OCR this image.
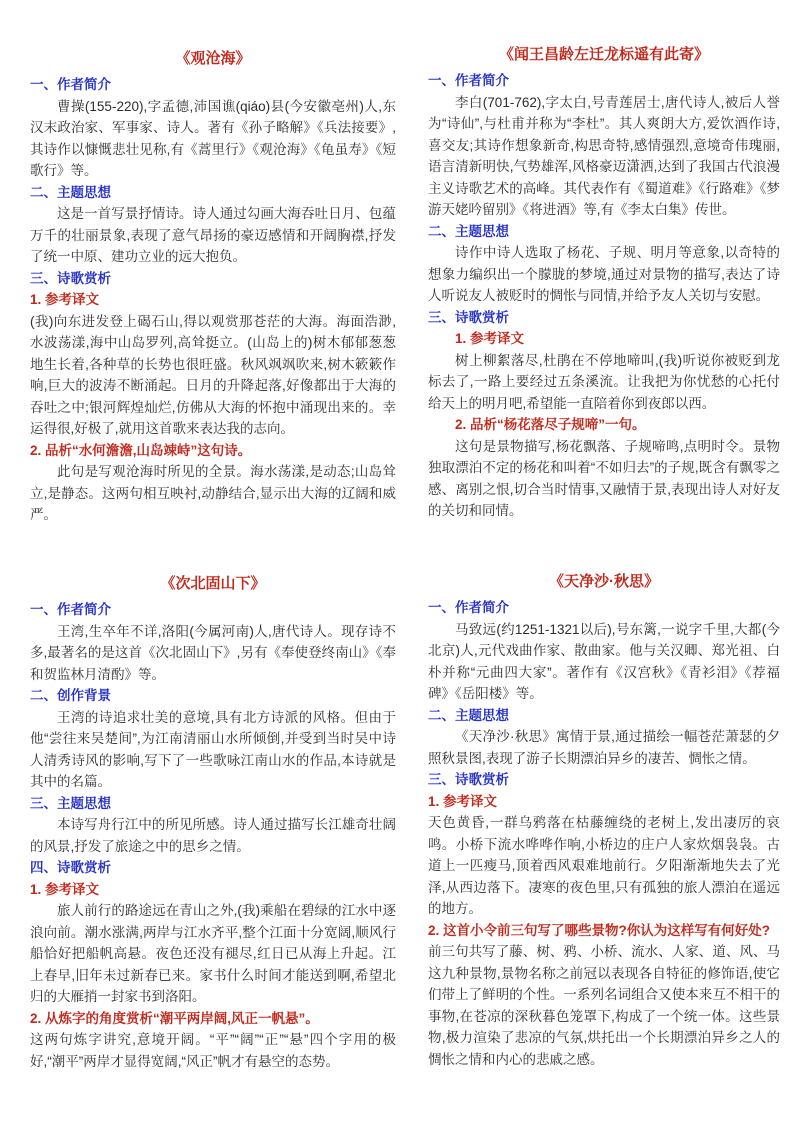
《观沧海》
一、作者简介

曹操(155-220),字孟德,沛国谯(qiáo)县(今安徽亳州)人,东汉末政治家、军事家、诗人。著有《孙子略解》《兵法接要》,其诗作以慷慨悲壮见称,有《蒿里行》《观沧海》《龟虽寿》《短歌行》等。

二、主题思想

这是一首写景抒情诗。诗人通过勾画大海吞吐日月、包蕴万千的壮丽景象,表现了意气昂扬的豪迈感情和开阔胸襟,抒发了统一中原、建功立业的远大抱负。

三、诗歌赏析
1. 参考译文

(我)向东进发登上碣石山,得以观赏那苍茫的大海。海面浩渺,水波荡漾,海中山岛罗列,高耸挺立。(山岛上的)树木郁郁葱葱地生长着,各种草的长势也很旺盛。秋风飒飒吹来,树木簌簌作响,巨大的波涛不断涌起。日月的升降起落,好像都出于大海的吞吐之中;银河辉煌灿烂,仿佛从大海的怀抱中涌现出来的。幸运得很,好极了,就用这首歌来表达我的志向。

2. 品析“水何澹澹,山岛竦峙”这句诗。

此句是写观沧海时所见的全景。海水荡漾,是动态;山岛耸立,是静态。这两句相互映衬,动静结合,显示出大海的辽阔和威严。

《次北固山下》
一、作者简介

王湾,生卒年不详,洛阳(今属河南)人,唐代诗人。现存诗不多,最著名的是这首《次北固山下》,另有《奉使登终南山》《奉和贺监林月清酌》等。

二、创作背景

王湾的诗追求壮美的意境,具有北方诗派的风格。但由于他“尝往来吴楚间”,为江南清丽山水所倾倒,并受到当时吴中诗人清秀诗风的影响,写下了一些歌咏江南山水的作品,本诗就是其中的名篇。

三、主题思想

本诗写舟行江中的所见所感。诗人通过描写长江雄奇壮阔的风景,抒发了旅途之中的思乡之情。

四、诗歌赏析
1. 参考译文

旅人前行的路途远在青山之外,(我)乘船在碧绿的江水中逐浪向前。潮水涨满,两岸与江水齐平,整个江面十分宽阔,顺风行船恰好把船帆高悬。夜色还没有褪尽,红日已从海上升起。江上春早,旧年未过新春已来。家书什么时间才能送到啊,希望北归的大雁捎一封家书到洛阳。

2. 从炼字的角度赏析“潮平两岸阔,风正一帆悬”。

这两句炼字讲究,意境开阔。“平”“阔”“正”“悬”四个字用的极好,“潮平”两岸才显得宽阔,“风正”帆才有悬空的态势。

《闻王昌龄左迁龙标遥有此寄》
一、作者简介

李白(701-762),字太白,号青莲居士,唐代诗人,被后人誉为“诗仙”,与杜甫并称为“李杜”。其人爽朗大方,爱饮酒作诗,喜交友;其诗作想象新奇,构思奇特,感情强烈,意境奇伟瑰丽,语言清新明快,气势雄浑,风格豪迈潇洒,达到了我国古代浪漫主义诗歌艺术的高峰。其代表作有《蜀道难》《行路难》《梦游天姥吟留别》《将进酒》等,有《李太白集》传世。

二、主题思想

诗作中诗人选取了杨花、子规、明月等意象,以奇特的想象力编织出一个朦胧的梦境,通过对景物的描写,表达了诗人听说友人被贬时的惆怅与同情,并给予友人关切与安慰。

三、诗歌赏析
1. 参考译文

树上柳絮落尽,杜鹃在不停地啼叫,(我)听说你被贬到龙标去了,一路上要经过五条溪流。让我把为你忧愁的心托付给天上的明月吧,希望能一直陪着你到夜郎以西。

2. 品析“杨花落尽子规啼”一句。

这句是景物描写,杨花飘落、子规啼鸣,点明时令。景物独取漂泊不定的杨花和叫着“不如归去”的子规,既含有飘零之感、离别之恨,切合当时情事,又融情于景,表现出诗人对好友的关切和同情。

《天净沙·秋思》
一、作者简介

马致远(约1251-1321以后),号东篱,一说字千里,大都(今北京)人,元代戏曲作家、散曲家。他与关汉卿、郑光祖、白朴并称“元曲四大家”。著作有《汉宫秋》《青衫泪》《荐福碑》《岳阳楼》等。

二、主题思想

《天净沙·秋思》寓情于景,通过描绘一幅苍茫萧瑟的夕照秋景图,表现了游子长期漂泊异乡的凄苦、惆怅之情。

三、诗歌赏析
1. 参考译文

天色黄昏,一群乌鸦落在枯藤缠绕的老树上,发出凄厉的哀鸣。小桥下流水哗哗作响,小桥边的庄户人家炊烟袅袅。古道上一匹瘦马,顶着西风艰难地前行。夕阳渐渐地失去了光泽,从西边落下。凄寒的夜色里,只有孤独的旅人漂泊在遥远的地方。

2. 这首小令前三句写了哪些景物?你认为这样写有何好处?

前三句共写了藤、树、鸦、小桥、流水、人家、道、风、马这九种景物,景物名称之前冠以表现各自特征的修饰语,使它们带上了鲜明的个性。一系列名词组合又使本来互不相干的事物,在苍凉的深秋暮色笼罩下,构成了一个统一体。这些景物,极力渲染了悲凉的气氛,烘托出一个长期漂泊异乡之人的惆怅之情和内心的悲戚之感。
